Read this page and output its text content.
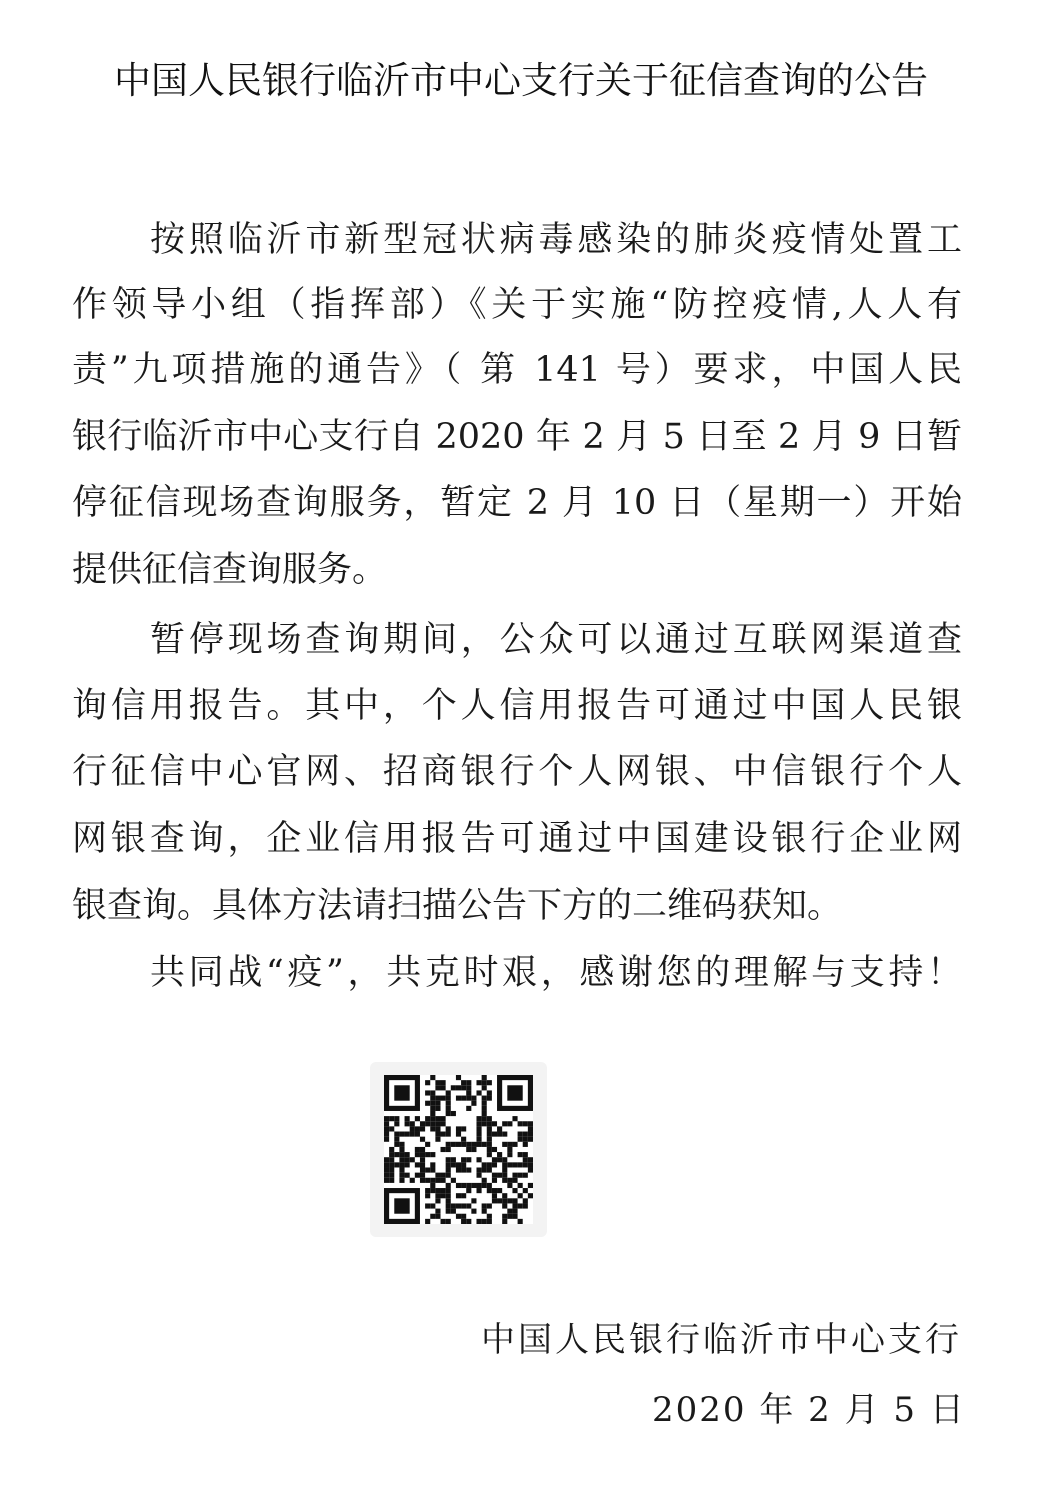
中国人民银行临沂市中心支行关于征信查询的公告
按照临沂市新型冠状病毒感染的肺炎疫情处置工
作领导小组（指挥部）《关于实施“防控疫情,人人有
责”九项措施的通告》（ 第 141 号）要求，中国人民
银行临沂市中心支行自 2020 年 2 月 5 日至 2 月 9 日暂
停征信现场查询服务，暂定 2 月 10 日（星期一）开始
提供征信查询服务。
暂停现场查询期间，公众可以通过互联网渠道查
询信用报告。其中，个人信用报告可通过中国人民银
行征信中心官网、招商银行个人网银、中信银行个人
网银查询，企业信用报告可通过中国建设银行企业网
银查询。具体方法请扫描公告下方的二维码获知。
共同战“疫”，共克时艰，感谢您的理解与支持！
中国人民银行临沂市中心支行
2020 年 2 月 5 日
